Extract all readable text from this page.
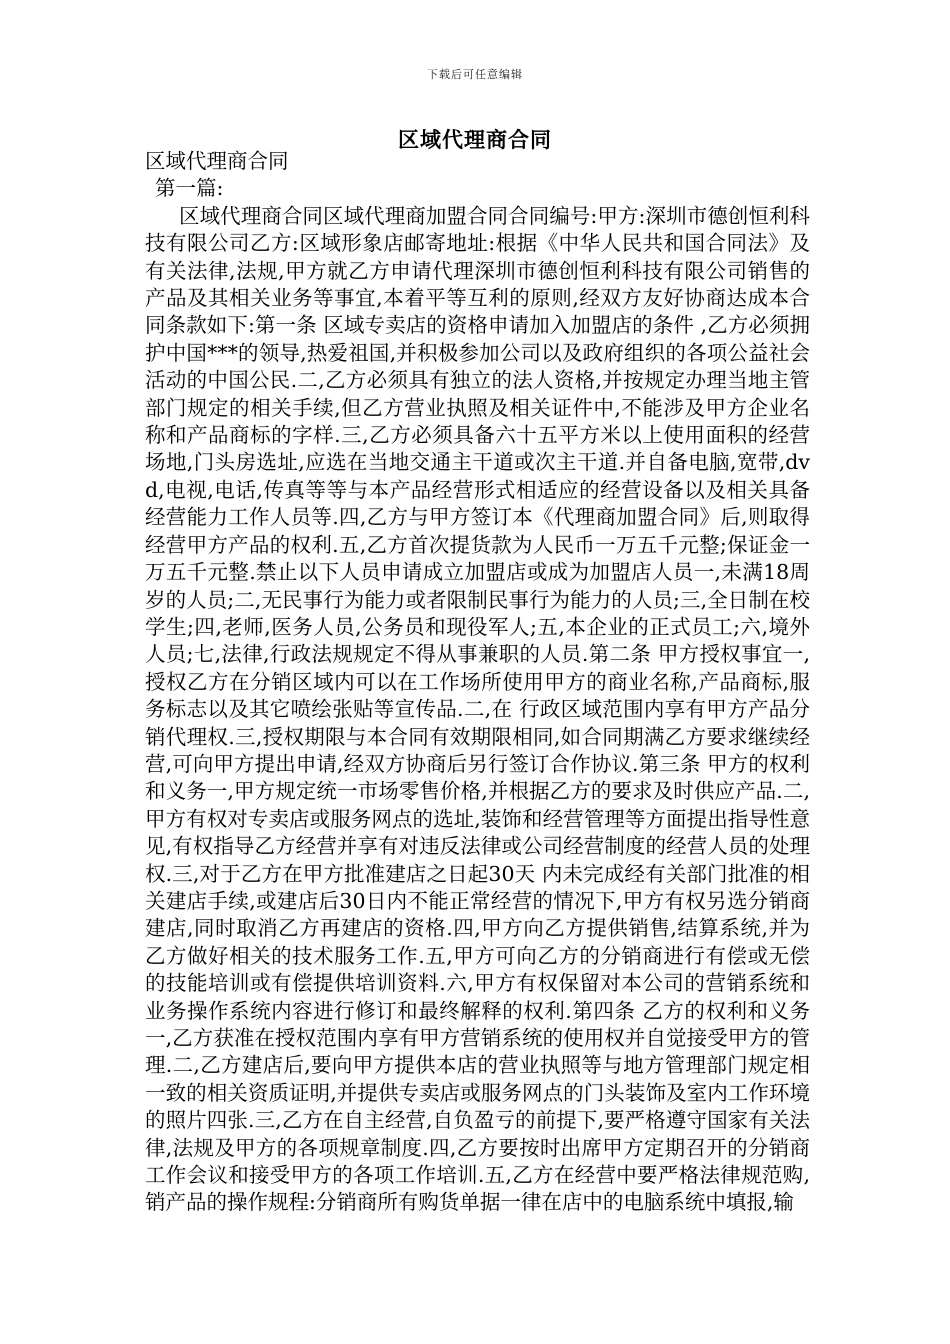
下载后可任意编辑
区域代理商合同

区域代理商合同

第一篇:

区域代理商合同区域代理商加盟合同合同编号:甲方:深圳市德创恒利科技有限公司乙方:区域形象店邮寄地址:根据《中华人民共和国合同法》及有关法律,法规,甲方就乙方申请代理深圳市德创恒利科技有限公司销售的产品及其相关业务等事宜,本着平等互利的原则,经双方友好协商达成本合同条款如下:第一条 区域专卖店的资格申请加入加盟店的条件 ,乙方必须拥护中国***的领导,热爱祖国,并积极参加公司以及政府组织的各项公益社会活动的中国公民.二,乙方必须具有独立的法人资格,并按规定办理当地主管部门规定的相关手续,但乙方营业执照及相关证件中,不能涉及甲方企业名称和产品商标的字样.三,乙方必须具备六十五平方米以上使用面积的经营场地,门头房选址,应选在当地交通主干道或次主干道.并自备电脑,宽带,dvd,电视,电话,传真等等与本产品经营形式相适应的经营设备以及相关具备经营能力工作人员等.四,乙方与甲方签订本《代理商加盟合同》后,则取得经营甲方产品的权利.五,乙方首次提货款为人民币一万五千元整;保证金一万五千元整.禁止以下人员申请成立加盟店或成为加盟店人员一,未满18周岁的人员;二,无民事行为能力或者限制民事行为能力的人员;三,全日制在校学生;四,老师,医务人员,公务员和现役军人;五,本企业的正式员工;六,境外人员;七,法律,行政法规规定不得从事兼职的人员.第二条 甲方授权事宜一,授权乙方在分销区域内可以在工作场所使用甲方的商业名称,产品商标,服务标志以及其它喷绘张贴等宣传品.二,在 行政区域范围内享有甲方产品分销代理权.三,授权期限与本合同有效期限相同,如合同期满乙方要求继续经营,可向甲方提出申请,经双方协商后另行签订合作协议.第三条 甲方的权利和义务一,甲方规定统一市场零售价格,并根据乙方的要求及时供应产品.二,甲方有权对专卖店或服务网点的选址,装饰和经营管理等方面提出指导性意见,有权指导乙方经营并享有对违反法律或公司经营制度的经营人员的处理权.三,对于乙方在甲方批准建店之日起30天 内未完成经有关部门批准的相关建店手续,或建店后30日内不能正常经营的情况下,甲方有权另选分销商建店,同时取消乙方再建店的资格.四,甲方向乙方提供销售,结算系统,并为乙方做好相关的技术服务工作.五,甲方可向乙方的分销商进行有偿或无偿的技能培训或有偿提供培训资料.六,甲方有权保留对本公司的营销系统和业务操作系统内容进行修订和最终解释的权利.第四条 乙方的权利和义务一,乙方获准在授权范围内享有甲方营销系统的使用权并自觉接受甲方的管理.二,乙方建店后,要向甲方提供本店的营业执照等与地方管理部门规定相一致的相关资质证明,并提供专卖店或服务网点的门头装饰及室内工作环境的照片四张.三,乙方在自主经营,自负盈亏的前提下,要严格遵守国家有关法律,法规及甲方的各项规章制度.四,乙方要按时出席甲方定期召开的分销商工作会议和接受甲方的各项工作培训.五,乙方在经营中要严格法律规范购,销产品的操作规程:分销商所有购货单据一律在店中的电脑系统中填报,输
